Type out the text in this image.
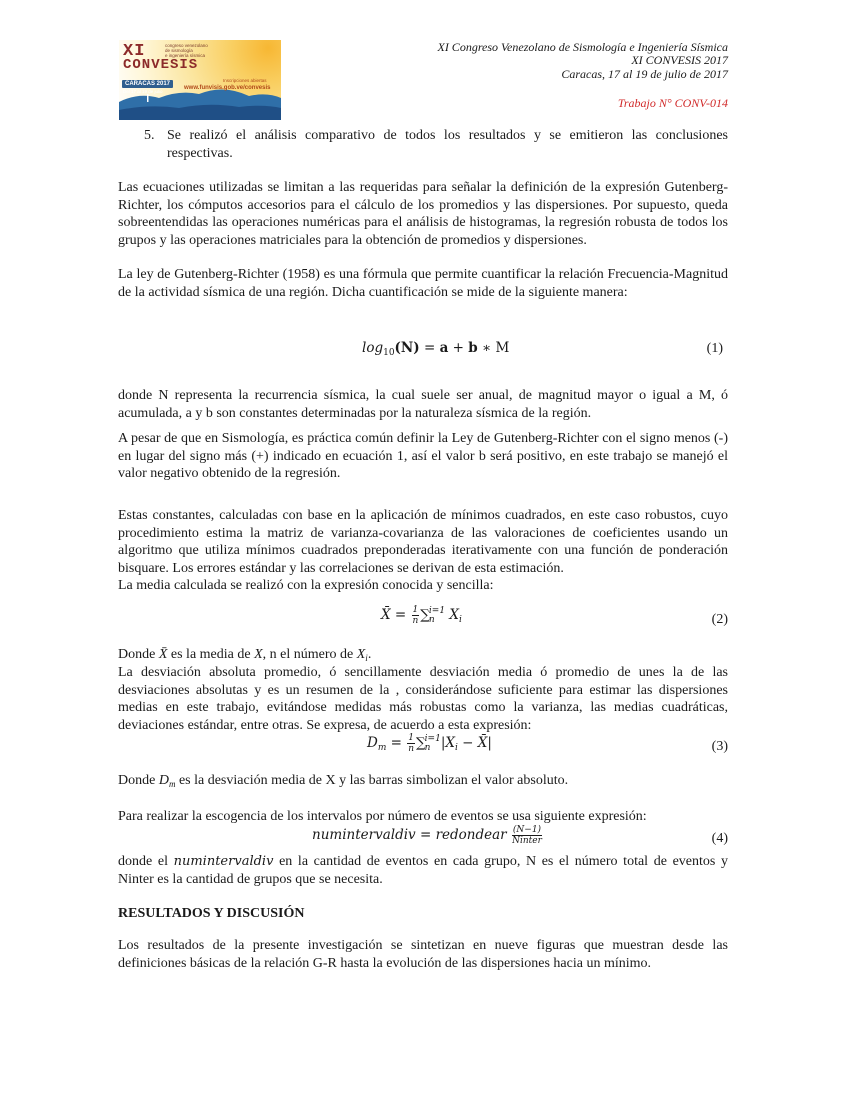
XI
CONVESIS
congreso venezolano
de sismología
e ingeniería sísmica
CARACAS 2017
Del 17 al 19 de julio
Inscripciones abiertas
www.funvisis.gob.ve/convesis
XI Congreso Venezolano de Sismología e Ingeniería Sísmica
XI CONVESIS 2017
Caracas, 17 al 19 de julio de 2017
Trabajo N° CONV-014
5. Se realizó el análisis comparativo de todos los resultados y se emitieron las conclusiones respectivas.
Las ecuaciones utilizadas se limitan a las requeridas para señalar la definición de la expresión Gutenberg-Richter, los cómputos accesorios para el cálculo de los promedios y las dispersiones. Por supuesto, queda sobreentendidas las operaciones numéricas para el análisis de histogramas, la regresión robusta de todos los grupos y las operaciones matriciales para la obtención de promedios y dispersiones.
La ley de Gutenberg-Richter (1958) es una fórmula que permite cuantificar la relación Frecuencia-Magnitud de la actividad sísmica de una región. Dicha cuantificación se mide de la siguiente manera:
$\log_{10}(N) = a + b$ ∗ M	(1)
donde N representa la recurrencia sísmica, la cual suele ser anual, de magnitud mayor o igual a M, ó acumulada, a y b son constantes determinadas por la naturaleza sísmica de la región.
A pesar de que en Sismología, es práctica común definir la Ley de Gutenberg-Richter con el signo menos (-) en lugar del signo más (+) indicado en ecuación 1, así el valor b será positivo, en este trabajo se manejó el valor negativo obtenido de la regresión.
Estas constantes, calculadas con base en la aplicación de mínimos cuadrados, en este caso robustos, cuyo procedimiento estima la matriz de varianza-covarianza de las valoraciones de coeficientes usando un algoritmo que utiliza mínimos cuadrados preponderadas iterativamente con una función de ponderación bisquare. Los errores estándar y las correlaciones se derivan de esta estimación.
La media calculada se realizó con la expresión conocida y sencilla:
X̄ = $\frac{1}{n}$ ∑ i=1
n	$X_i$	(2)
Donde X̄ es la media de X, n el número de $X_i$.
La desviación absoluta promedio, ó sencillamente desviación media ó promedio de unes la de las desviaciones absolutas y es un resumen de la , considerándose suficiente para estimar las dispersiones medias en este trabajo, evitándose medidas más robustas como la varianza, las medias cuadráticas, deviaciones estándar, entre otras. Se expresa, de acuerdo a esta expresión:
$D_m = \frac{1}{n}$ ∑ i=1
n $|X_i$ − X̄|	(3)
Donde $D_m$ es la desviación media de X y las barras simbolizan el valor absoluto.
Para realizar la escogencia de los intervalos por número de eventos se usa siguiente expresión:
numintervaldiv = redondear $\frac{(N-1)}{\text{Ninter}}$	(4)
donde el numintervaldiv en la cantidad de eventos en cada grupo, N es el número total de eventos y Ninter es la cantidad de grupos que se necesita.
RESULTADOS Y DISCUSIÓN
Los resultados de la presente investigación se sintetizan en nueve figuras que muestran desde las definiciones básicas de la relación G-R hasta la evolución de las dispersiones hacia un mínimo.
